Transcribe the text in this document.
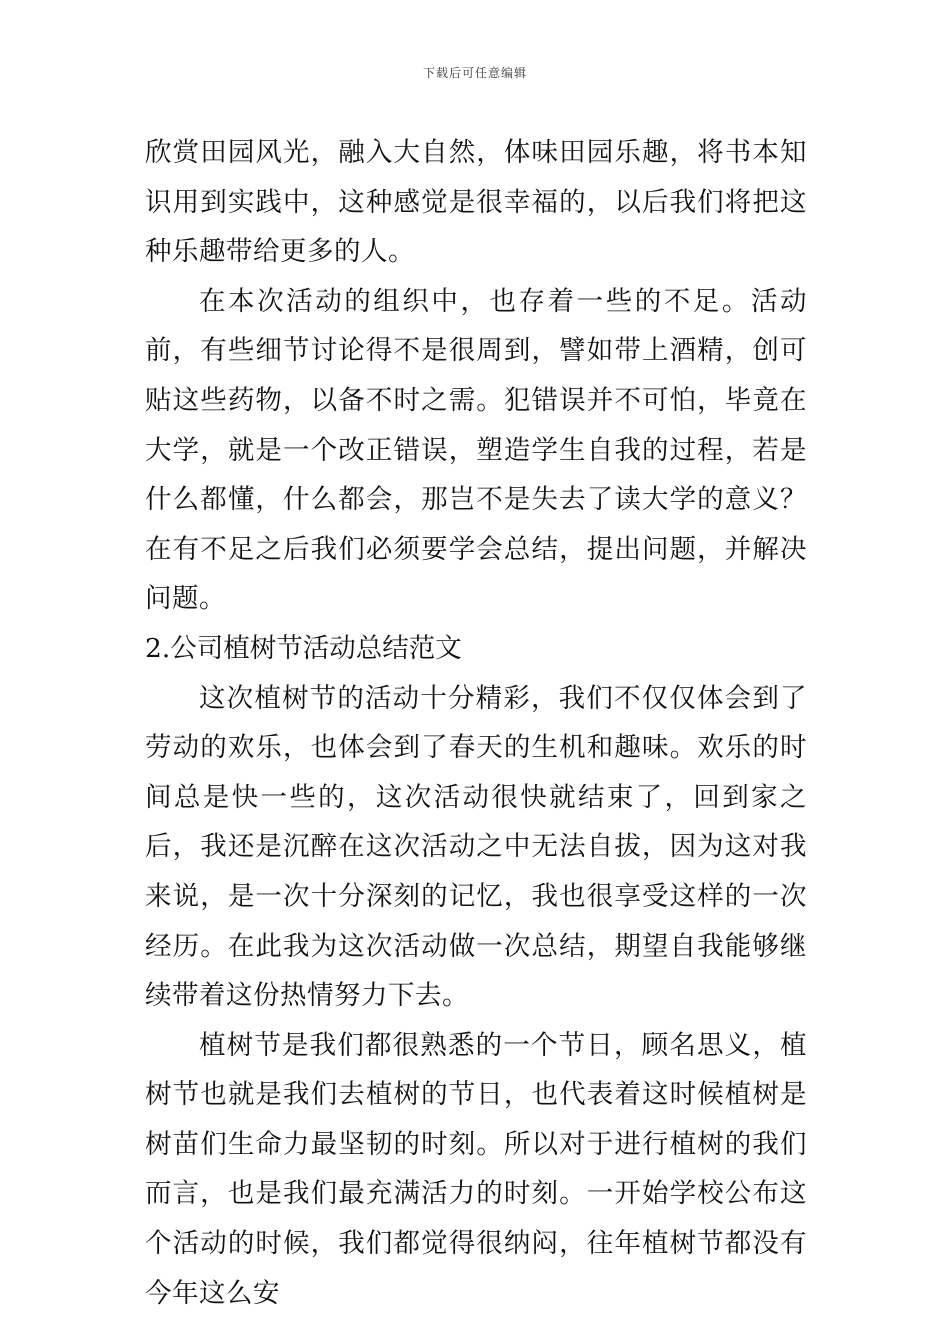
下载后可任意编辑

欣赏田园风光，融入大自然，体味田园乐趣，将书本知识用到实践中，这种感觉是很幸福的，以后我们将把这种乐趣带给更多的人。

在本次活动的组织中，也存着一些的不足。活动前，有些细节讨论得不是很周到，譬如带上酒精，创可贴这些药物，以备不时之需。犯错误并不可怕，毕竟在大学，就是一个改正错误，塑造学生自我的过程，若是什么都懂，什么都会，那岂不是失去了读大学的意义？在有不足之后我们必须要学会总结，提出问题，并解决问题。

2.公司植树节活动总结范文

这次植树节的活动十分精彩，我们不仅仅体会到了劳动的欢乐，也体会到了春天的生机和趣味。欢乐的时间总是快一些的，这次活动很快就结束了，回到家之后，我还是沉醉在这次活动之中无法自拔，因为这对我来说，是一次十分深刻的记忆，我也很享受这样的一次经历。在此我为这次活动做一次总结，期望自我能够继续带着这份热情努力下去。

植树节是我们都很熟悉的一个节日，顾名思义，植树节也就是我们去植树的节日，也代表着这时候植树是树苗们生命力最坚韧的时刻。所以对于进行植树的我们而言，也是我们最充满活力的时刻。一开始学校公布这个活动的时候，我们都觉得很纳闷，往年植树节都没有今年这么安
